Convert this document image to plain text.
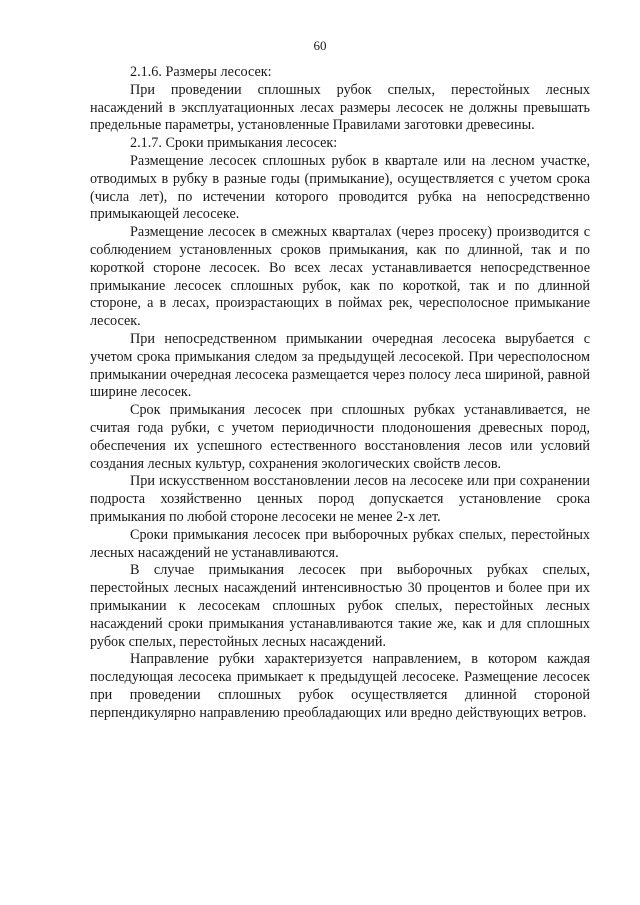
60

2.1.6. Размеры лесосек:

При проведении сплошных рубок спелых, перестойных лесных насаждений в эксплуатационных лесах размеры лесосек не должны превышать предельные параметры, установленные Правилами заготовки древесины.

2.1.7. Сроки примыкания лесосек:

Размещение лесосек сплошных рубок в квартале или на лесном участке, отводимых в рубку в разные годы (примыкание), осуществляется с учетом срока (числа лет), по истечении которого проводится рубка на непосредственно примыкающей лесосеке.

Размещение лесосек в смежных кварталах (через просеку) производится с соблюдением установленных сроков примыкания, как по длинной, так и по короткой стороне лесосек. Во всех лесах устанавливается непосредственное примыкание лесосек сплошных рубок, как по короткой, так и по длинной стороне, а в лесах, произрастающих в поймах рек, чересполосное примыкание лесосек.

При непосредственном примыкании очередная лесосека вырубается с учетом срока примыкания следом за предыдущей лесосекой. При чересполосном примыкании очередная лесосека размещается через полосу леса шириной, равной ширине лесосек.

Срок примыкания лесосек при сплошных рубках устанавливается, не считая года рубки, с учетом периодичности плодоношения древесных пород, обеспечения их успешного естественного восстановления лесов или условий создания лесных культур, сохранения экологических свойств лесов.

При искусственном восстановлении лесов на лесосеке или при сохранении подроста хозяйственно ценных пород допускается установление срока примыкания по любой стороне лесосеки не менее 2-х лет.

Сроки примыкания лесосек при выборочных рубках спелых, перестойных лесных насаждений не устанавливаются.

В случае примыкания лесосек при выборочных рубках спелых, перестойных лесных насаждений интенсивностью 30 процентов и более при их примыкании к лесосекам сплошных рубок спелых, перестойных лесных насаждений сроки примыкания устанавливаются такие же, как и для сплошных рубок спелых, перестойных лесных насаждений.

Направление рубки характеризуется направлением, в котором каждая последующая лесосека примыкает к предыдущей лесосеке. Размещение лесосек при проведении сплошных рубок осуществляется длинной стороной перпендикулярно направлению преобладающих или вредно действующих ветров.
